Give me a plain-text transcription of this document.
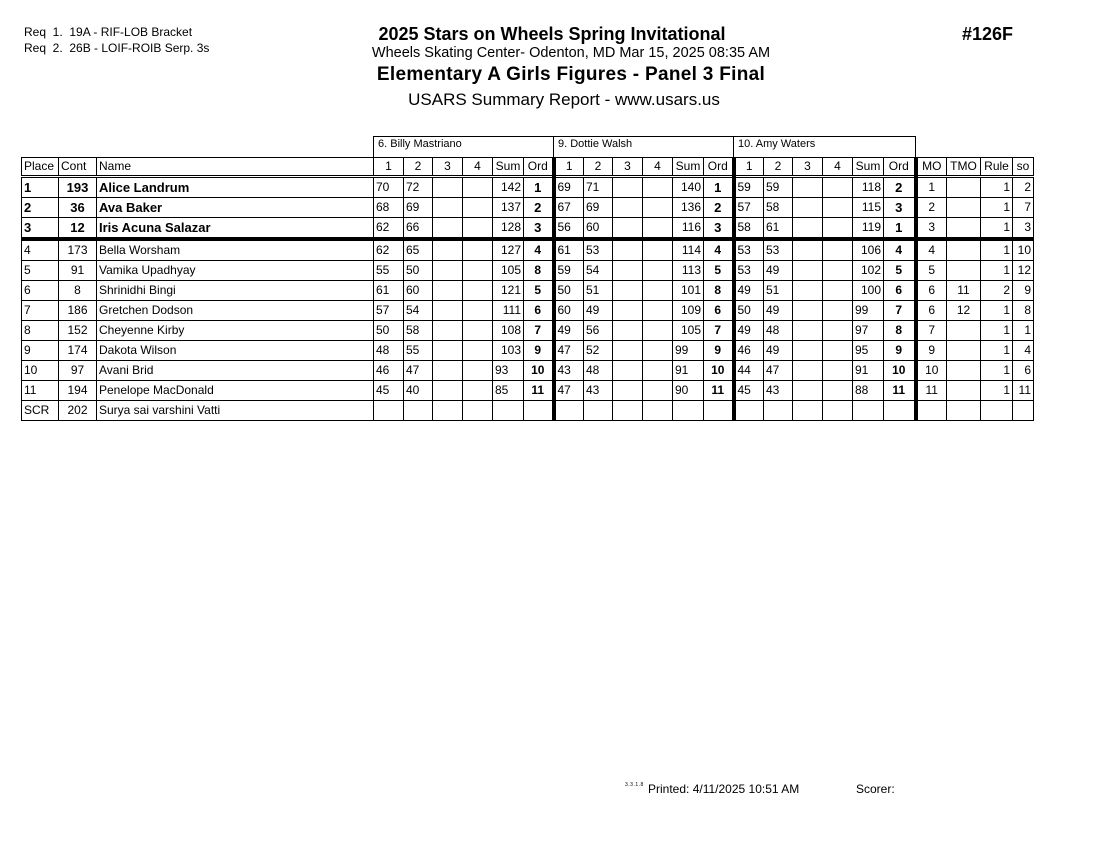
Req  1.  19A - RIF-LOB Bracket
Req  2.  26B - LOIF-ROIB Serp. 3s
2025 Stars on Wheels Spring Invitational
Wheels Skating Center- Odenton, MD Mar 15, 2025 08:35 AM
Elementary A Girls Figures - Panel 3 Final
USARS Summary Report - www.usars.us
#126F
			6. Billy Mastriano						9. Dottie Walsh						10. Amy Waters									
Place	Cont	Name	1	2	3	4	Sum	Ord	1	2	3	4	Sum	Ord	1	2	3	4	Sum	Ord	MO	TMO	Rule	so
1	193	Alice Landrum	70	72			142	1	69	71			140	1	59	59			118	2	1		1	2
2	36	Ava Baker	68	69			137	2	67	69			136	2	57	58			115	3	2		1	7
3	12	Iris Acuna Salazar	62	66			128	3	56	60			116	3	58	61			119	1	3		1	3
4	173	Bella Worsham	62	65			127	4	61	53			114	4	53	53			106	4	4		1	10
5	91	Vamika Upadhyay	55	50			105	8	59	54			113	5	53	49			102	5	5		1	12
6	8	Shrinidhi Bingi	61	60			121	5	50	51			101	8	49	51			100	6	6	11	2	9
7	186	Gretchen Dodson	57	54			111	6	60	49			109	6	50	49			99	7	6	12	1	8
8	152	Cheyenne Kirby	50	58			108	7	49	56			105	7	49	48			97	8	7		1	1
9	174	Dakota Wilson	48	55			103	9	47	52			99	9	46	49			95	9	9		1	4
10	97	Avani Brid	46	47			93	10	43	48			91	10	44	47			91	10	10		1	6
11	194	Penelope MacDonald	45	40			85	11	47	43			90	11	45	43			88	11	11		1	11
SCR	202	Surya sai varshini Vatti																						
3.3.1.8 Printed: 4/11/2025 10:51 AM	Scorer:
